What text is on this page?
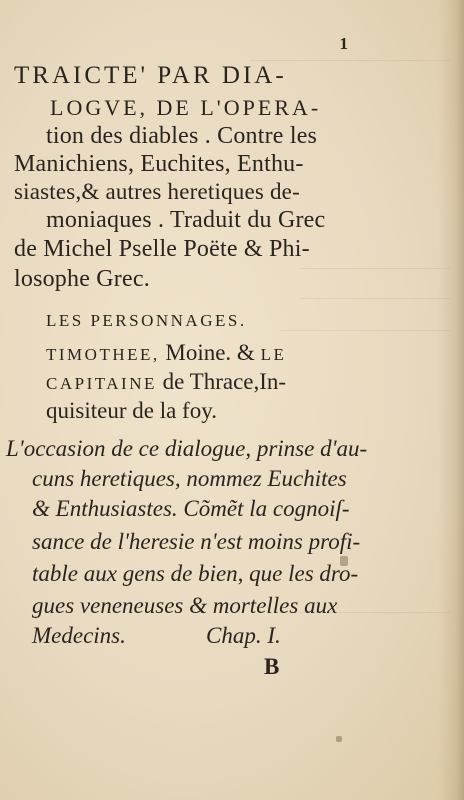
1
TRAICTE' PAR DIA-
LOGVE, DE L'OPERA-
tion des diables . Contre les
Manichiens, Euchites, Enthu-
siastes,& autres heretiques de-
moniaques . Traduit du Grec
de Michel Pselle Poëte & Phi-
losophe Grec.
LES PERSONNAGES.
TIMOTHEE, Moine. & LE
CAPITAINE de Thrace,In-
quisiteur de la foy.
L'occasion de ce dialogue, prinse d'au-
cuns heretiques, nommez Euchites
& Enthusiastes. Cõmẽt la cognoiſ-
sance de l'heresie n'est moins profi-
table aux gens de bien, que les dro-
gues veneneuses & mortelles aux
Medecins.	Chap. I.
B
